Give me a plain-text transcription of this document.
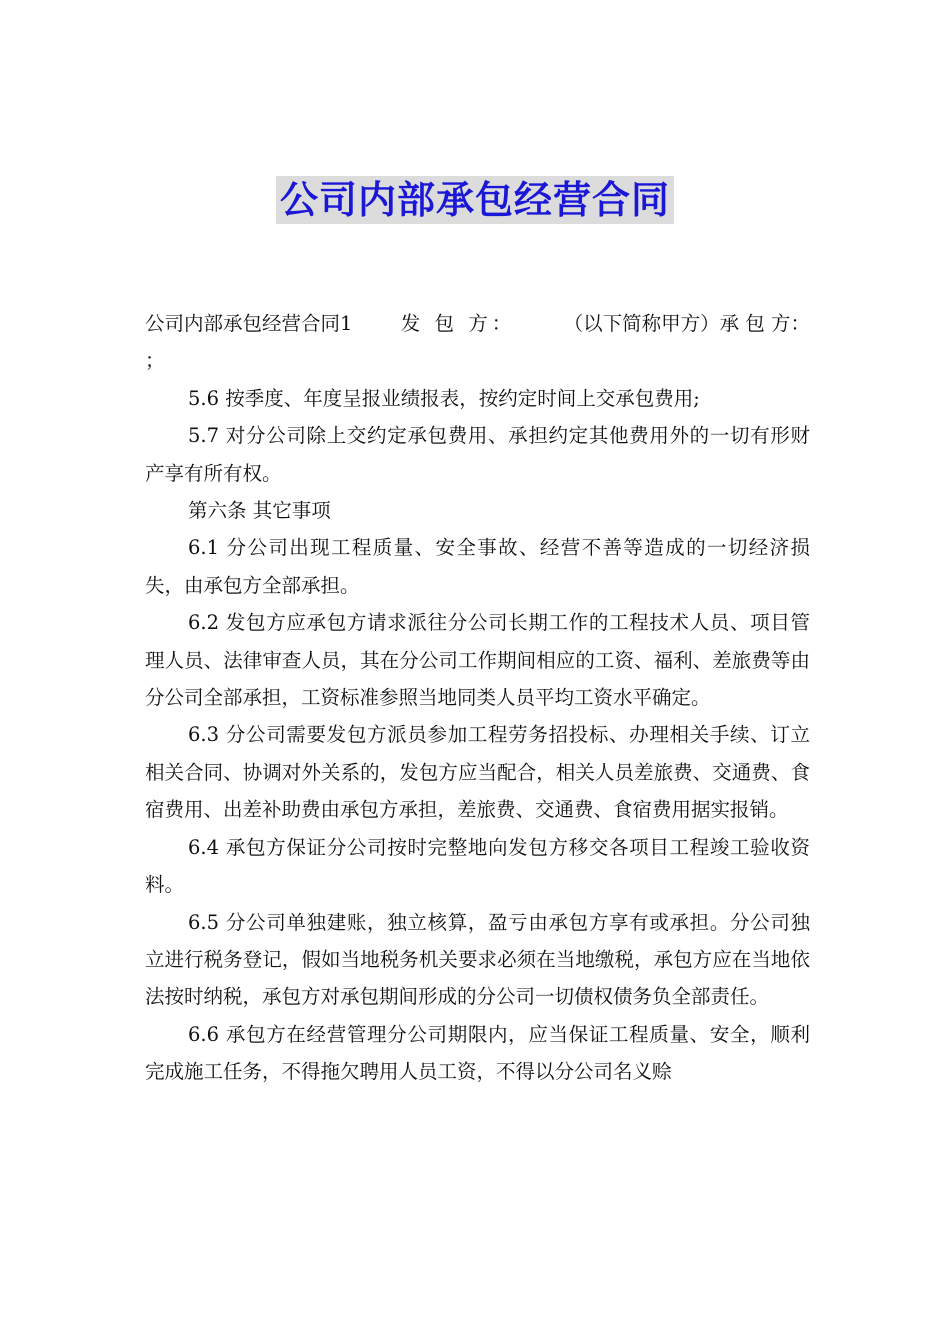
公司内部承包经营合同
公司内部承包经营合同1 发 包 方： （以下简称甲方）承 包 方：

；

5.6 按季度、年度呈报业绩报表，按约定时间上交承包费用;

5.7 对分公司除上交约定承包费用、承担约定其他费用外的一切有形财产享有所有权。

第六条 其它事项

6.1 分公司出现工程质量、安全事故、经营不善等造成的一切经济损失，由承包方全部承担。

6.2 发包方应承包方请求派往分公司长期工作的工程技术人员、项目管理人员、法律审查人员，其在分公司工作期间相应的工资、福利、差旅费等由分公司全部承担，工资标准参照当地同类人员平均工资水平确定。

6.3 分公司需要发包方派员参加工程劳务招投标、办理相关手续、订立相关合同、协调对外关系的，发包方应当配合，相关人员差旅费、交通费、食宿费用、出差补助费由承包方承担，差旅费、交通费、食宿费用据实报销。

6.4 承包方保证分公司按时完整地向发包方移交各项目工程竣工验收资料。

6.5 分公司单独建账，独立核算，盈亏由承包方享有或承担。分公司独立进行税务登记，假如当地税务机关要求必须在当地缴税，承包方应在当地依法按时纳税，承包方对承包期间形成的分公司一切债权债务负全部责任。

6.6 承包方在经营管理分公司期限内，应当保证工程质量、安全，顺利完成施工任务，不得拖欠聘用人员工资，不得以分公司名义赊
